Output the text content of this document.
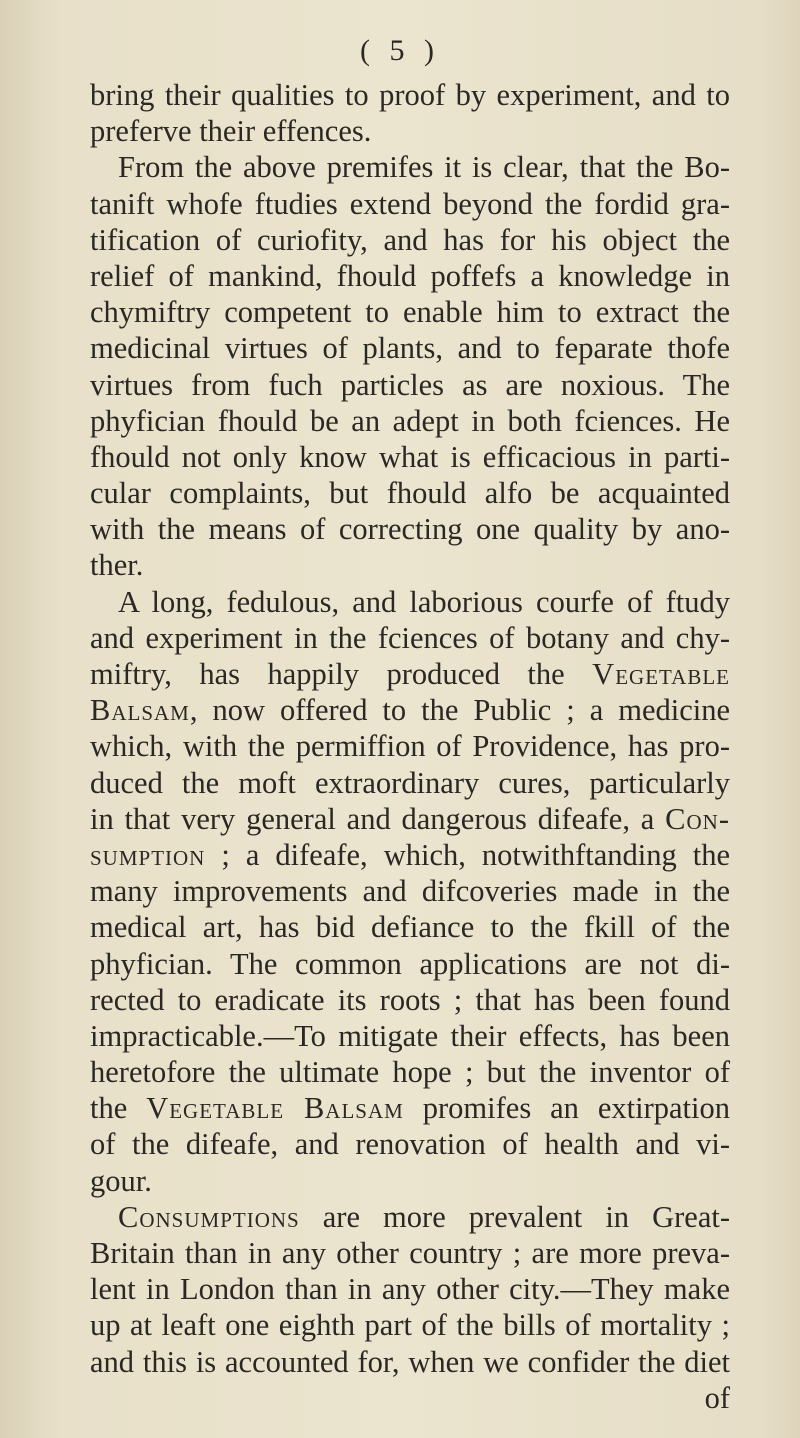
( 5 )
bring their qualities to proof by experiment, and to
preferve their effences.
From the above premifes it is clear, that the Bo-
tanift whofe ftudies extend beyond the fordid gra-
tification of curiofity, and has for his object the
relief of mankind, fhould poffefs a knowledge in
chymiftry competent to enable him to extract the
medicinal virtues of plants, and to feparate thofe
virtues from fuch particles as are noxious. The
phyfician fhould be an adept in both fciences. He
fhould not only know what is efficacious in parti-
cular complaints, but fhould alfo be acquainted
with the means of correcting one quality by ano-
ther.
A long, fedulous, and laborious courfe of ftudy
and experiment in the fciences of botany and chy-
miftry, has happily produced the Vegetable
Balsam, now offered to the Public ; a medicine
which, with the permiffion of Providence, has pro-
duced the moft extraordinary cures, particularly
in that very general and dangerous difeafe, a Con-
sumption ; a difeafe, which, notwithftanding the
many improvements and difcoveries made in the
medical art, has bid defiance to the fkill of the
phyfician. The common applications are not di-
rected to eradicate its roots ; that has been found
impracticable.—To mitigate their effects, has been
heretofore the ultimate hope ; but the inventor of
the Vegetable Balsam promifes an extirpation
of the difeafe, and renovation of health and vi-
gour.
Consumptions are more prevalent in Great-
Britain than in any other country ; are more preva-
lent in London than in any other city.—They make
up at leaft one eighth part of the bills of mortality ;
and this is accounted for, when we confider the diet
of
